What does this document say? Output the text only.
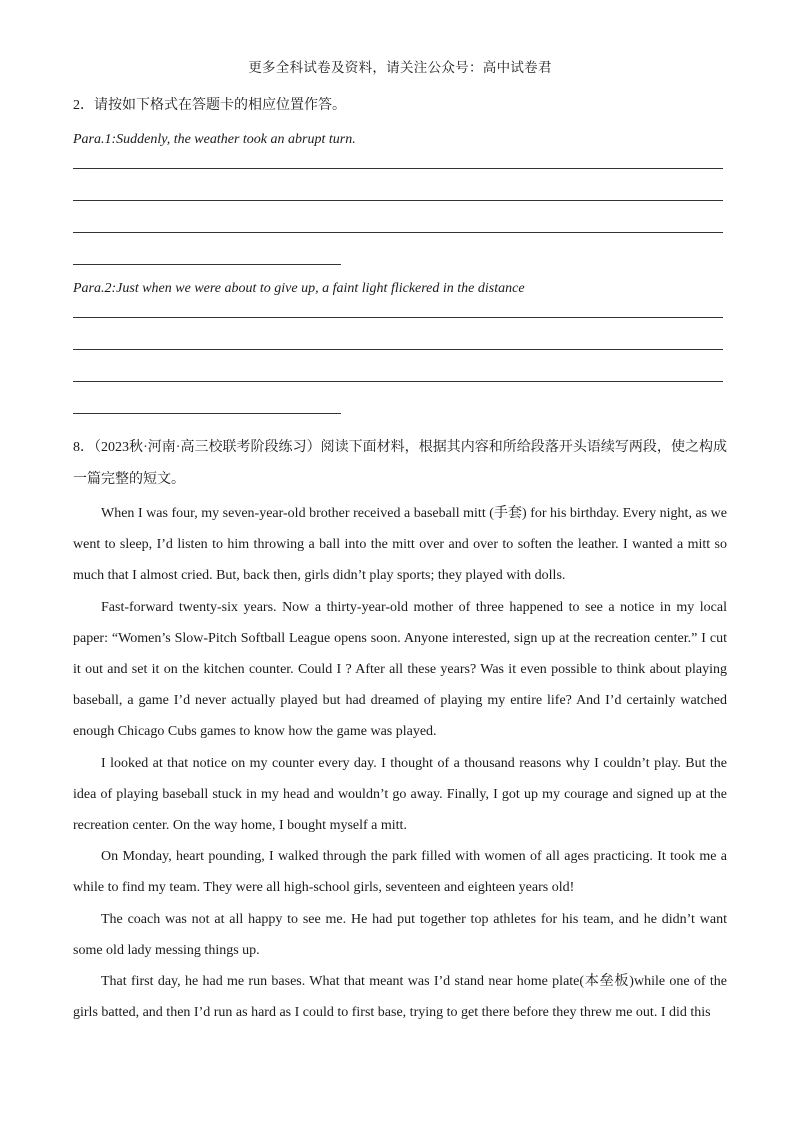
更多全科试卷及资料，请关注公众号：高中试卷君

2．请按如下格式在答题卡的相应位置作答。

Para.1:Suddenly, the weather took an abrupt turn.

Para.2:Just when we were about to give up, a faint light flickered in the distance

8．（2023秋·河南·高三校联考阶段练习）阅读下面材料，根据其内容和所给段落开头语续写两段，使之构成一篇完整的短文。

When I was four, my seven-year-old brother received a baseball mitt (手套) for his birthday. Every night, as we went to sleep, I’d listen to him throwing a ball into the mitt over and over to soften the leather. I wanted a mitt so much that I almost cried. But, back then, girls didn’t play sports; they played with dolls.

Fast-forward twenty-six years. Now a thirty-year-old mother of three happened to see a notice in my local paper: “Women’s Slow-Pitch Softball League opens soon. Anyone interested, sign up at the recreation center.” I cut it out and set it on the kitchen counter. Could I ? After all these years? Was it even possible to think about playing baseball, a game I’d never actually played but had dreamed of playing my entire life? And I’d certainly watched enough Chicago Cubs games to know how the game was played.

I looked at that notice on my counter every day. I thought of a thousand reasons why I couldn’t play. But the idea of playing baseball stuck in my head and wouldn’t go away. Finally, I got up my courage and signed up at the recreation center. On the way home, I bought myself a mitt.

On Monday, heart pounding, I walked through the park filled with women of all ages practicing. It took me a while to find my team. They were all high-school girls, seventeen and eighteen years old!

The coach was not at all happy to see me. He had put together top athletes for his team, and he didn’t want some old lady messing things up.

That first day, he had me run bases. What that meant was I’d stand near home plate(本垒板)while one of the girls batted, and then I’d run as hard as I could to first base, trying to get there before they threw me out. I did this
